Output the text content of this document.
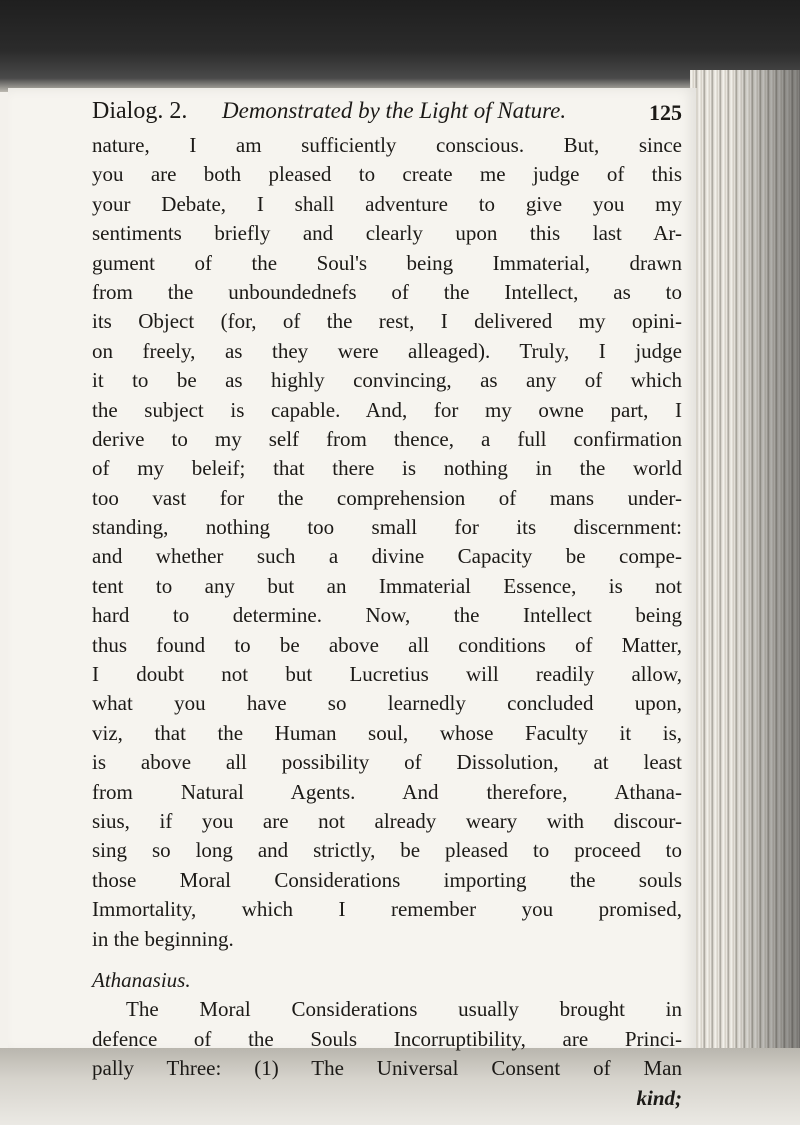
Dialog. 2. Demonstrated by the Light of Nature.	125
nature, I am sufficiently conscious. But, since
you are both pleased to create me judge of this
your Debate, I shall adventure to give you my
sentiments briefly and clearly upon this last Ar-
gument of the Soul's being Immaterial, drawn
from the unboundednefs of the Intellect, as to
its Object (for, of the rest, I delivered my opini-
on freely, as they were alleaged). Truly, I judge
it to be as highly convincing, as any of which
the subject is capable. And, for my owne part, I
derive to my self from thence, a full confirmation
of my beleif; that there is nothing in the world
too vast for the comprehension of mans under-
standing, nothing too small for its discernment:
and whether such a divine Capacity be compe-
tent to any but an Immaterial Essence, is not
hard to determine. Now, the Intellect being
thus found to be above all conditions of Matter,
I doubt not but Lucretius will readily allow,
what you have so learnedly concluded upon,
viz, that the Human soul, whose Faculty it is,
is above all possibility of Dissolution, at least
from Natural Agents. And therefore, Athana-
sius, if you are not already weary with discour-
sing so long and strictly, be pleased to proceed to
those Moral Considerations importing the souls
Immortality, which I remember you promised,
in the beginning.
Athanasius.
The Moral Considerations usually brought in
defence of the Souls Incorruptibility, are Princi-
pally Three: (1) The Universal Consent of Man
kind;
